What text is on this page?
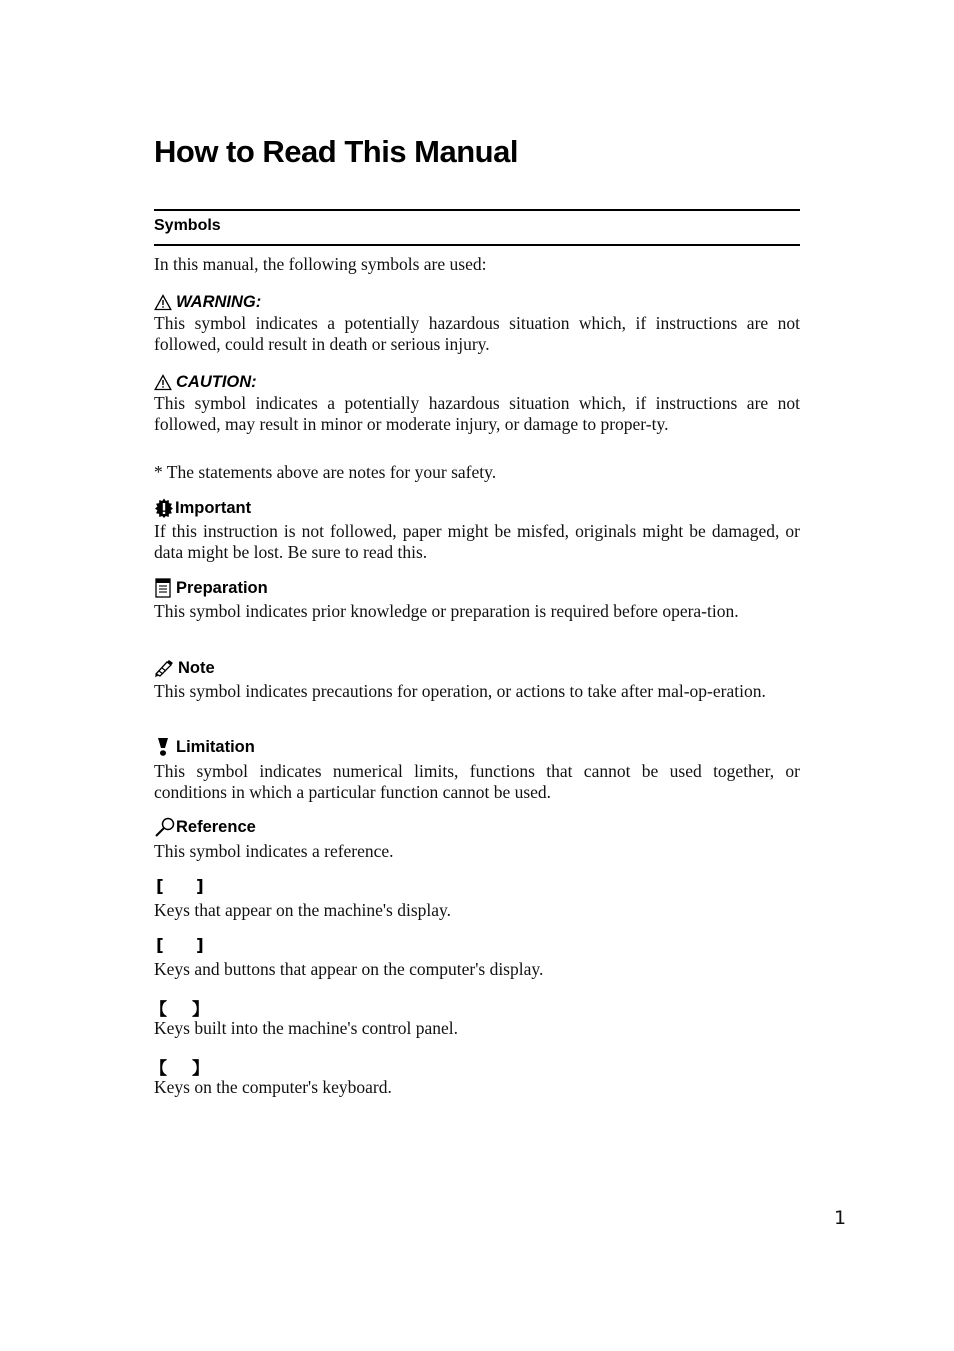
How to Read This Manual
Symbols

In this manual, the following symbols are used:

WARNING:

This symbol indicates a potentially hazardous situation which, if instructions are not followed, could result in death or serious injury.

CAUTION:

This symbol indicates a potentially hazardous situation which, if instructions are not followed, may result in minor or moderate injury, or damage to proper-ty.

* The statements above are notes for your safety.

Important

If this instruction is not followed, paper might be misfed, originals might be damaged, or data might be lost. Be sure to read this.

Preparation

This symbol indicates prior knowledge or preparation is required before opera-tion.

Note

This symbol indicates precautions for operation, or actions to take after mal-op-eration.

Limitation

This symbol indicates numerical limits, functions that cannot be used together, or conditions in which a particular function cannot be used.

Reference

This symbol indicates a reference.

[ ]

Keys that appear on the machine's display.

[ ]

Keys and buttons that appear on the computer's display.

【 】

Keys built into the machine's control panel.

【 】

Keys on the computer's keyboard.

1
